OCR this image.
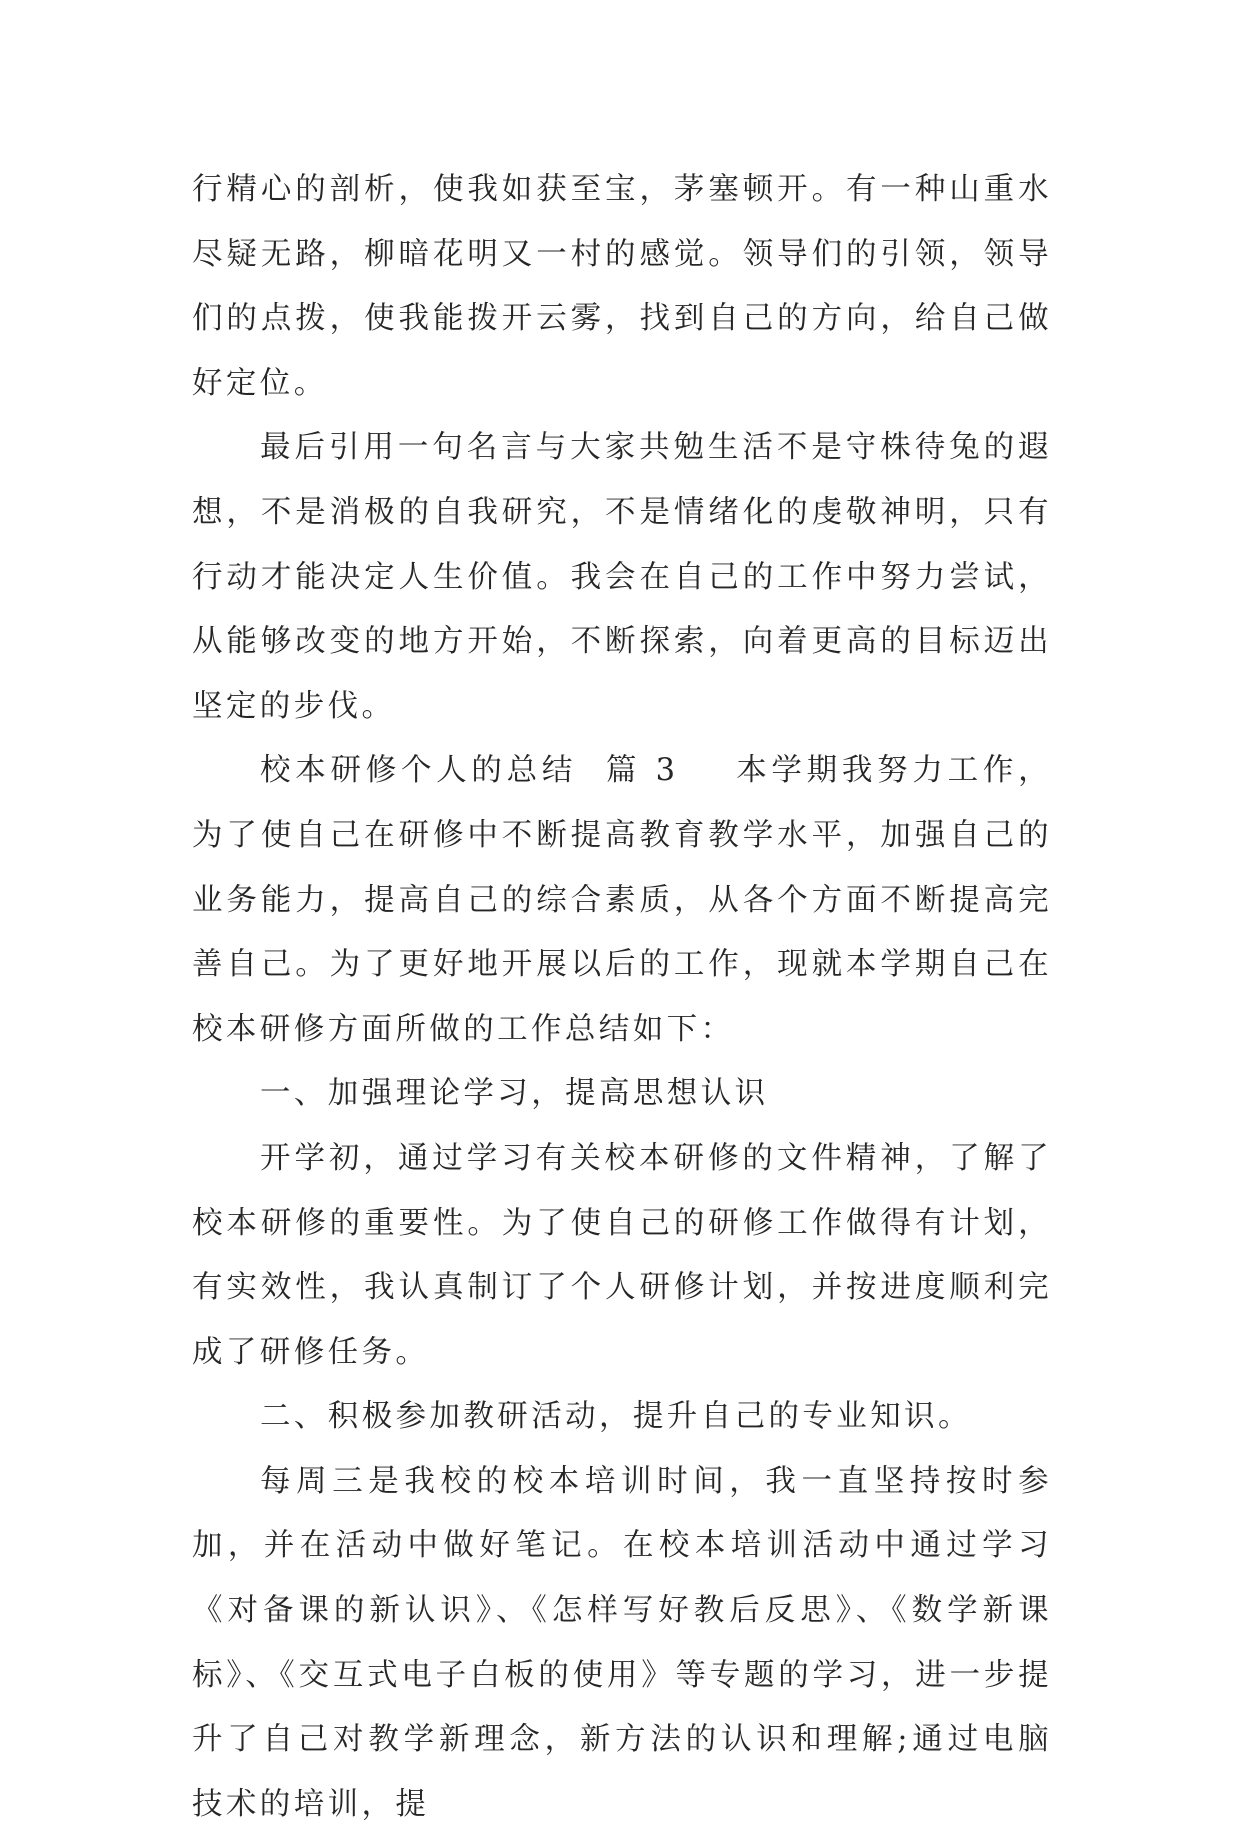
行精心的剖析，使我如获至宝，茅塞顿开。有一种山重水尽疑无路，柳暗花明又一村的感觉。领导们的引领，领导们的点拨，使我能拨开云雾，找到自己的方向，给自己做好定位。

最后引用一句名言与大家共勉生活不是守株待兔的遐想，不是消极的自我研究，不是情绪化的虔敬神明，只有行动才能决定人生价值。我会在自己的工作中努力尝试，从能够改变的地方开始，不断探索，向着更高的目标迈出坚定的步伐。

校本研修个人的总结  篇 3    本学期我努力工作，为了使自己在研修中不断提高教育教学水平，加强自己的业务能力，提高自己的综合素质，从各个方面不断提高完善自己。为了更好地开展以后的工作，现就本学期自己在校本研修方面所做的工作总结如下：

一、加强理论学习，提高思想认识

开学初，通过学习有关校本研修的文件精神，了解了校本研修的重要性。为了使自己的研修工作做得有计划，有实效性，我认真制订了个人研修计划，并按进度顺利完成了研修任务。

二、积极参加教研活动，提升自己的专业知识。

每周三是我校的校本培训时间，我一直坚持按时参加，并在活动中做好笔记。在校本培训活动中通过学习《对备课的新认识》、《怎样写好教后反思》、《数学新课标》、《交互式电子白板的使用》等专题的学习，进一步提升了自己对教学新理念，新方法的认识和理解;通过电脑技术的培训，提
